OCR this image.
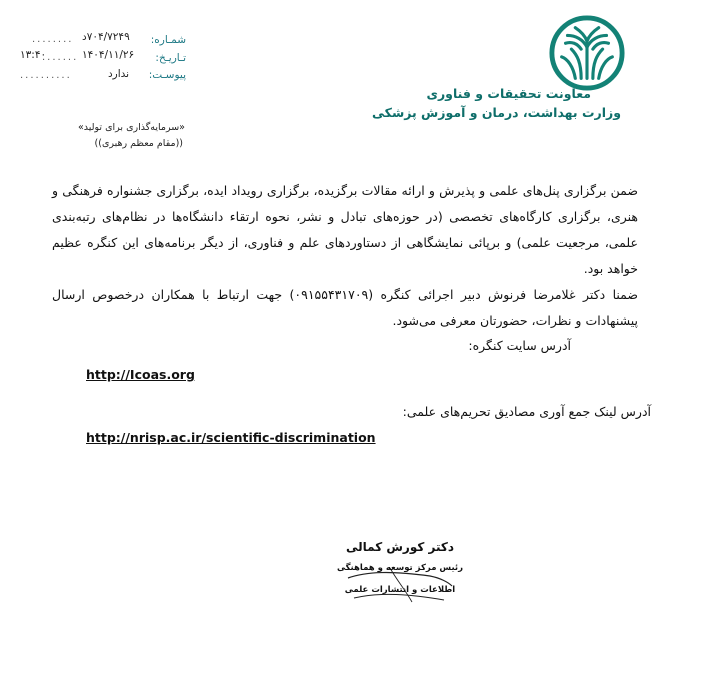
معاونت تحقیقات و فناوری
وزارت بهداشت، درمان و آموزش پزشکی
شمـاره:
۷۰۴/۷۲۴۹د
........
تـاریـخ:
۱۴۰۴/۱۱/۲۶
.......
۱۳:۴۰
پیوسـت:
ندارد
..........
«سرمایه‌گذاری برای تولید»
((مقام معظم رهبری))
ضمن برگزاری پنل‌های علمی و پذیرش و ارائه مقالات برگزیده، برگزاری رویداد ایده، برگزاری جشنواره فرهنگی و هنری، برگزاری کارگاه‌های تخصصی (در حوزه‌های تبادل و نشر، نحوه ارتقاء دانشگاه‌ها در نظام‌های رتبه‌بندی علمی، مرجعیت علمی) و برپائی نمایشگاهی از دستاوردهای علم و فناوری، از دیگر برنامه‌های این کنگره عظیم خواهد بود.
ضمنا دکتر غلامرضا فرنوش دبیر اجرائی کنگره (۰۹۱۵۵۴۳۱۷۰۹) جهت ارتباط با همکاران درخصوص ارسال پیشنهادات و نظرات، حضورتان معرفی می‌شود.
آدرس سایت کنگره:
http://Icoas.org
آدرس لینک جمع آوری مصادیق تحریم‌های علمی:
http://nrisp.ac.ir/scientific-discrimination
دکتر کورش کمالی
رئیس مرکز توسعه و هماهنگی
اطلاعات و انتشارات علمی
